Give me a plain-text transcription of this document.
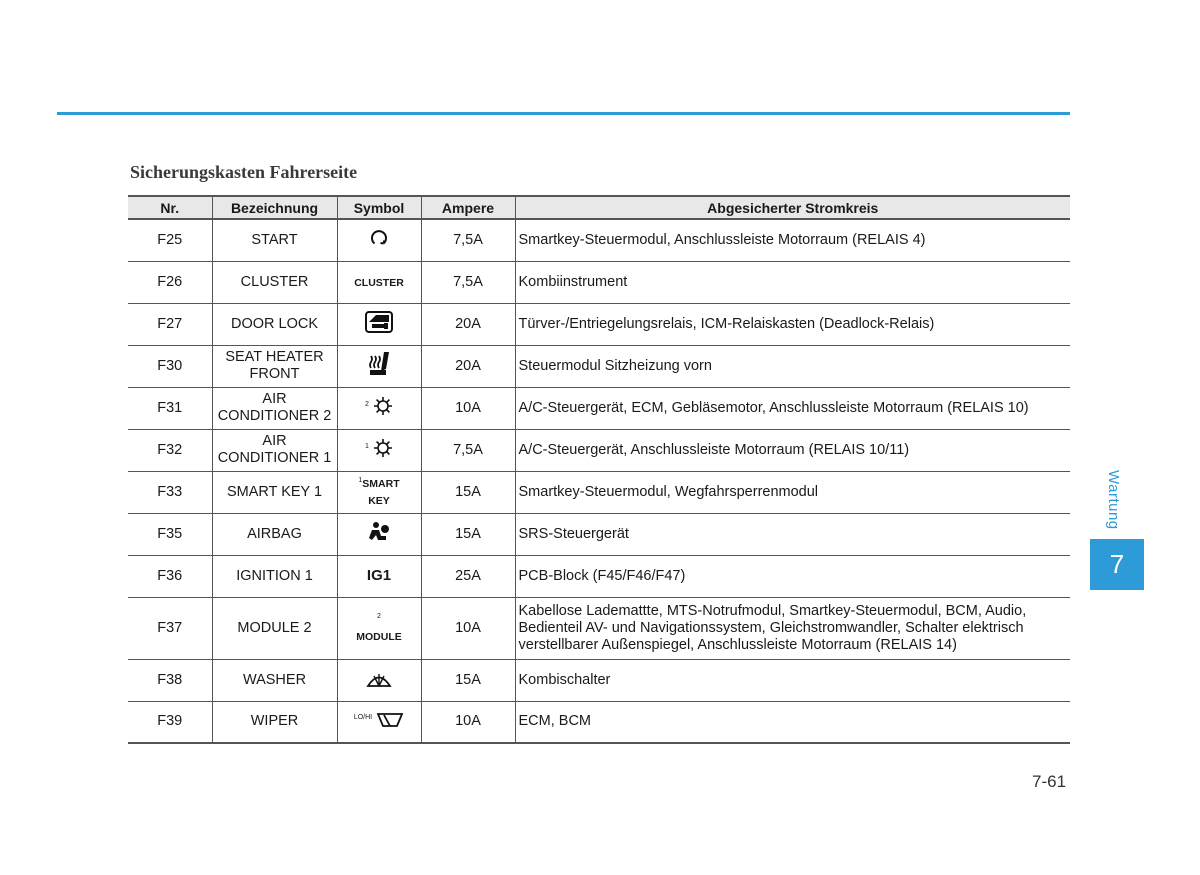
Sicherungskasten Fahrerseite
Nr.	Bezeichnung	Symbol	Ampere	Abgesicherter Stromkreis
F25	START		7,5A	Smartkey-Steuermodul, Anschlussleiste Motorraum (RELAIS 4)
F26	CLUSTER	CLUSTER	7,5A	Kombiinstrument
F27	DOOR LOCK		20A	Türver-/Entriegelungsrelais, ICM-Relaiskasten (Deadlock-Relais)
F30	SEAT HEATER
FRONT		20A	Steuermodul Sitzheizung vorn
F31	AIR
CONDITIONER 2	$^2$	10A	A/C-Steuergerät, ECM, Gebläsemotor, Anschlussleiste Motorraum (RELAIS 10)
F32	AIR
CONDITIONER 1	$^1$	7,5A	A/C-Steuergerät, Anschlussleiste Motorraum (RELAIS 10/11)
F33	SMART KEY 1	$^1$SMART
KEY	15A	Smartkey-Steuermodul, Wegfahrsperrenmodul
F35	AIRBAG		15A	SRS-Steuergerät
F36	IGNITION 1	IG1	25A	PCB-Block (F45/F46/F47)
F37	MODULE 2	$^2$
MODULE	10A	Kabellose Lademattte, MTS-Notrufmodul, Smartkey-Steuermodul, BCM, Audio,
Bedienteil AV- und Navigationssystem, Gleichstromwandler, Schalter elektrisch
verstellbarer Außenspiegel, Anschlussleiste Motorraum (RELAIS 14)
F38	WASHER		15A	Kombischalter
F39	WIPER	$^{LO/HI}$	10A	ECM, BCM
Wartung
7
7-61
